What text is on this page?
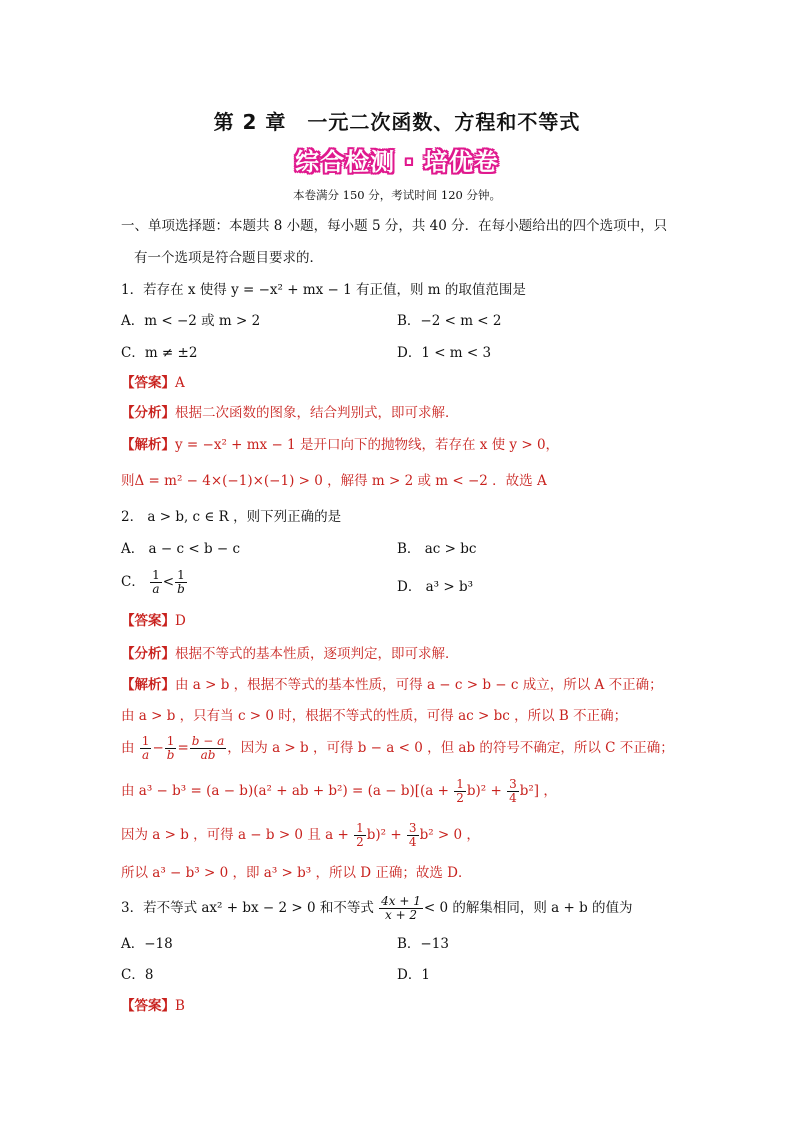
第 2 章　一元二次函数、方程和不等式
综合检测 · 培优卷
本卷满分 150 分，考试时间 120 分钟。
一、单项选择题：本题共 8 小题，每小题 5 分，共 40 分．在每小题给出的四个选项中，只
有一个选项是符合题目要求的．
1．若存在 x 使得 y = −x² + mx − 1 有正值，则 m 的取值范围是
A．m < −2 或 m > 2	B．−2 < m < 2
C．m ≠ ±2	D．1 < m < 3
【答案】A
【分析】根据二次函数的图象，结合判别式，即可求解．
【解析】y = −x² + mx − 1 是开口向下的抛物线，若存在 x 使 y > 0，
则Δ = m² − 4×(−1)×(−1) > 0 ，解得 m > 2 或 m < −2 ．故选 A
2． a > b, c ∈ R ，则下列正确的是
A． a − c < b − c	B． ac > bc
C． $\frac{1}{a} < \frac{1}{b}$	D． a³ > b³
【答案】D
【分析】根据不等式的基本性质，逐项判定，即可求解．
【解析】由 a > b ，根据不等式的基本性质，可得 a − c > b − c 成立，所以 A 不正确；
由 a > b ，只有当 c > 0 时，根据不等式的性质，可得 ac > bc ，所以 B 不正确；
由 $\frac{1}{a} - \frac{1}{b} = \frac{b - a}{ab}$ ，因为 a > b ，可得 b − a < 0 ，但 ab 的符号不确定，所以 C 不正确；
由 a³ − b³ = (a − b)(a² + ab + $b^2) = (a - b)[(a + \frac{1}{2} b)^2 + \frac{3}{4} b^2]$ ，
因为 a > b ，可得 a − b > 0 且 $a + \frac{1}{2} b)^2 + \frac{3}{4} b^2 > 0$ ，
所以 a³ − b³ > 0 ，即 a³ > b³ ，所以 D 正确；故选 D．
3．若不等式 ax² + bx − 2 > 0 和不等式 $\frac{4x + 1}{x + 2} < 0$ 的解集相同，则 a + b 的值为
A．−18	B．−13
C．8	D．1
【答案】B
